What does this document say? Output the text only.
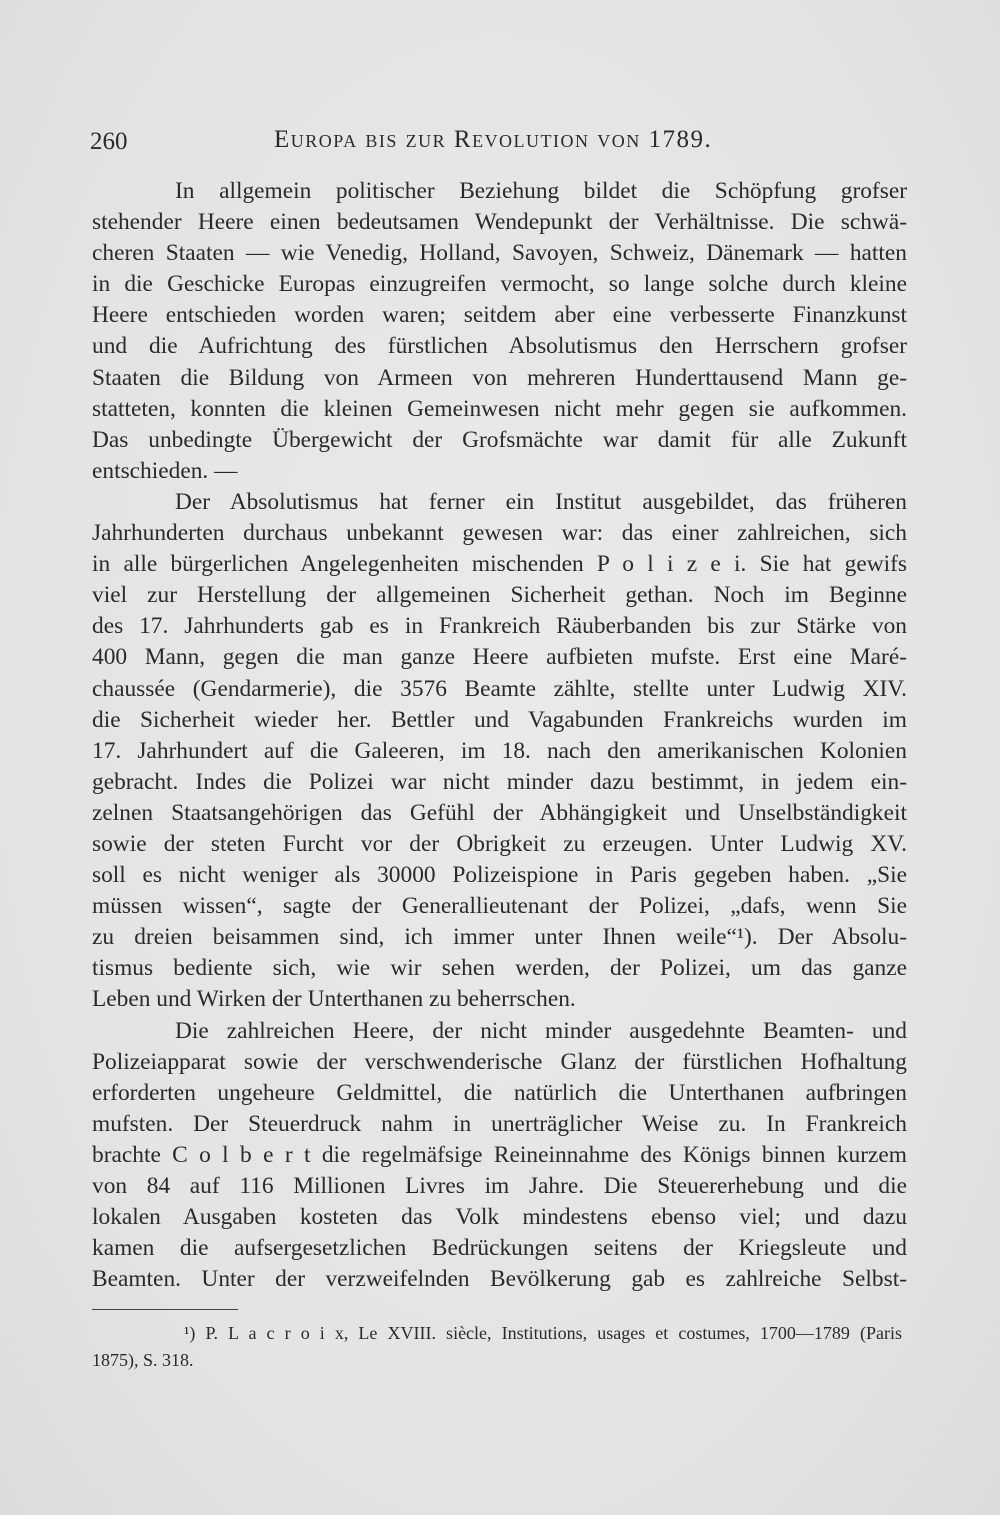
260	Europa bis zur Revolution von 1789.
In allgemein politischer Beziehung bildet die Schöpfung grofser
stehender Heere einen bedeutsamen Wendepunkt der Verhältnisse. Die schwä-
cheren Staaten — wie Venedig, Holland, Savoyen, Schweiz, Dänemark — hatten
in die Geschicke Europas einzugreifen vermocht, so lange solche durch kleine
Heere entschieden worden waren; seitdem aber eine verbesserte Finanzkunst
und die Aufrichtung des fürstlichen Absolutismus den Herrschern grofser
Staaten die Bildung von Armeen von mehreren Hunderttausend Mann ge-
statteten, konnten die kleinen Gemeinwesen nicht mehr gegen sie aufkommen.
Das unbedingte Übergewicht der Grofsmächte war damit für alle Zukunft
entschieden. —
Der Absolutismus hat ferner ein Institut ausgebildet, das früheren
Jahrhunderten durchaus unbekannt gewesen war: das einer zahlreichen, sich
in alle bürgerlichen Angelegenheiten mischenden P o l i z e i. Sie hat gewifs
viel zur Herstellung der allgemeinen Sicherheit gethan. Noch im Beginne
des 17. Jahrhunderts gab es in Frankreich Räuberbanden bis zur Stärke von
400 Mann, gegen die man ganze Heere aufbieten mufste. Erst eine Maré-
chaussée (Gendarmerie), die 3576 Beamte zählte, stellte unter Ludwig XIV.
die Sicherheit wieder her. Bettler und Vagabunden Frankreichs wurden im
17. Jahrhundert auf die Galeeren, im 18. nach den amerikanischen Kolonien
gebracht. Indes die Polizei war nicht minder dazu bestimmt, in jedem ein-
zelnen Staatsangehörigen das Gefühl der Abhängigkeit und Unselbständigkeit
sowie der steten Furcht vor der Obrigkeit zu erzeugen. Unter Ludwig XV.
soll es nicht weniger als 30000 Polizeispione in Paris gegeben haben. „Sie
müssen wissen“, sagte der Generallieutenant der Polizei, „dafs, wenn Sie
zu dreien beisammen sind, ich immer unter Ihnen weile“¹). Der Absolu-
tismus bediente sich, wie wir sehen werden, der Polizei, um das ganze
Leben und Wirken der Unterthanen zu beherrschen.
Die zahlreichen Heere, der nicht minder ausgedehnte Beamten- und
Polizeiapparat sowie der verschwenderische Glanz der fürstlichen Hofhaltung
erforderten ungeheure Geldmittel, die natürlich die Unterthanen aufbringen
mufsten. Der Steuerdruck nahm in unerträglicher Weise zu. In Frankreich
brachte C o l b e r t die regelmäfsige Reineinnahme des Königs binnen kurzem
von 84 auf 116 Millionen Livres im Jahre. Die Steuererhebung und die
lokalen Ausgaben kosteten das Volk mindestens ebenso viel; und dazu
kamen die aufsergesetzlichen Bedrückungen seitens der Kriegsleute und
Beamten. Unter der verzweifelnden Bevölkerung gab es zahlreiche Selbst-
¹) P. L a c r o i x, Le XVIII. siècle, Institutions, usages et costumes, 1700—1789 (Paris
1875), S. 318.
